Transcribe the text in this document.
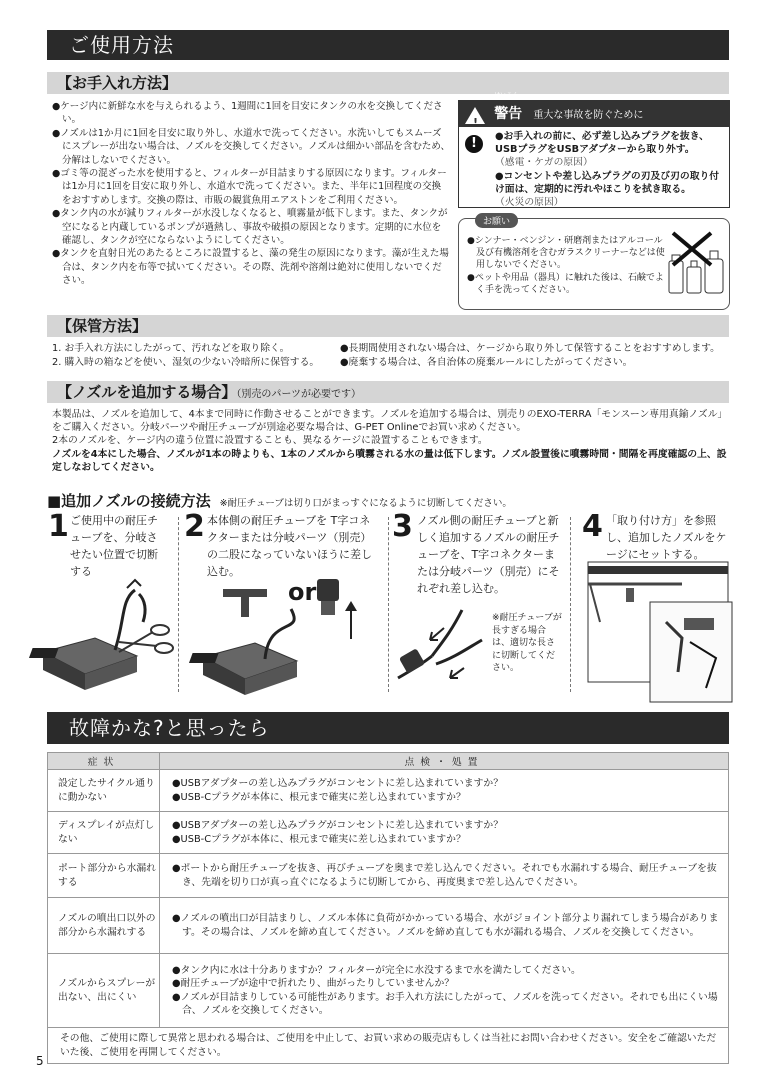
ご使用方法
【お手入れ方法】
●ケージ内に新鮮な水を与えられるよう、1週間に1回を目安にタンクの水を交換してください。
●ノズルは1か月に1回を目安に取り外し、水道水で洗ってください。水洗いしてもスムーズにスプレーが出ない場合は、ノズルを交換してください。ノズルは細かい部品を含むため、分解はしないでください。
●ゴミ等の混ざった水を使用すると、フィルターが目詰まりする原因になります。フィルターは1か月に1回を目安に取り外し、水道水で洗ってください。また、半年に1回程度の交換をおすすめします。交換の際は、市販の観賞魚用エアストンをご利用ください。
●タンク内の水が減りフィルターが水没しなくなると、噴霧量が低下します。また、タンクが空になると内蔵しているポンプが過熱し、事故や破損の原因となります。定期的に水位を確認し、タンクが空にならないようにしてください。
●タンクを直射日光のあたるところに設置すると、藻の発生の原因になります。藻が生えた場合は、タンク内を布等で拭いてください。その際、洗剤や溶剤は絶対に使用しないでください。
!

けいこく
警告 重大な事故を防ぐために
!	●お手入れの前に、必ず差し込みプラグを抜き、USBプラグをUSBアダプターから取り外す。
（感電・ケガの原因）
●コンセントや差し込みプラグの刃及び刃の取り付け面は、定期的に汚れやほこりを拭き取る。
（火災の原因）
お願い
●シンナー・ベンジン・研磨剤またはアルコール及び有機溶剤を含むガラスクリーナーなどは使用しないでください。
●ペットや用品（器具）に触れた後は、石鹸でよく手を洗ってください。
【保管方法】
1. お手入れ方法にしたがって、汚れなどを取り除く。
2. 購入時の箱などを使い、湿気の少ない冷暗所に保管する。
●長期間使用されない場合は、ケージから取り外して保管することをおすすめします。
●廃棄する場合は、各自治体の廃棄ルールにしたがってください。
【ノズルを追加する場合】（別売のパーツが必要です）
本製品は、ノズルを追加して、4本まで同時に作動させることができます。ノズルを追加する場合は、別売りのEXO-TERRA「モンスーン専用真鍮ノズル」をご購入ください。分岐パーツや耐圧チューブが別途必要な場合は、G-PET Onlineでお買い求めください。
2本のノズルを、ケージ内の違う位置に設置することも、異なるケージに設置することもできます。
ノズルを4本にした場合、ノズルが1本の時よりも、1本のノズルから噴霧される水の量は低下します。ノズル設置後に噴霧時間・間隔を再度確認の上、設定しなおしてください。
■追加ノズルの接続方法 ※耐圧チューブは切り口がまっすぐになるように切断してください。
1 ご使用中の耐圧チューブを、分岐させたい位置で切断する
2 本体側の耐圧チューブを T字コネクターまたは分岐パーツ（別売）の二股になっていないほうに差し込む。
or
3 ノズル側の耐圧チューブと新しく追加するノズルの耐圧チューブを、T字コネクターまたは分岐パーツ（別売）にそれぞれ差し込む。
※耐圧チューブが長すぎる場合は、適切な長さに切断してください。
4 「取り付け方」を参照し、追加したノズルをケージにセットする。
故障かな?と思ったら
症状	点検・処置
設定したサイクル通りに動かない	●USBアダプターの差し込みプラグがコンセントに差し込まれていますか？
●USB-Cプラグが本体に、根元まで確実に差し込まれていますか？

ディスプレイが点灯しない	●USBアダプターの差し込みプラグがコンセントに差し込まれていますか？
●USB-Cプラグが本体に、根元まで確実に差し込まれていますか？

ポート部分から水漏れする	●ポートから耐圧チューブを抜き、再びチューブを奥まで差し込んでください。それでも水漏れする場合、耐圧チューブを抜き、先端を切り口が真っ直ぐになるように切断してから、再度奥まで差し込んでください。

ノズルの噴出口以外の部分から水漏れする	●ノズルの噴出口が目詰まりし、ノズル本体に負荷がかかっている場合、水がジョイント部分より漏れてしまう場合があります。その場合は、ノズルを締め直してください。ノズルを締め直しても水が漏れる場合、ノズルを交換してください。

ノズルからスプレーが出ない、出にくい	●タンク内に水は十分ありますか？フィルターが完全に水没するまで水を満たしてください。
●耐圧チューブが途中で折れたり、曲がったりしていませんか？
●ノズルが目詰まりしている可能性があります。お手入れ方法にしたがって、ノズルを洗ってください。それでも出にくい場合、ノズルを交換してください。

その他、ご使用に際して異常と思われる場合は、ご使用を中止して、お買い求めの販売店もしくは当社にお問い合わせください。安全をご確認いただいた後、ご使用を再開してください。	
5
